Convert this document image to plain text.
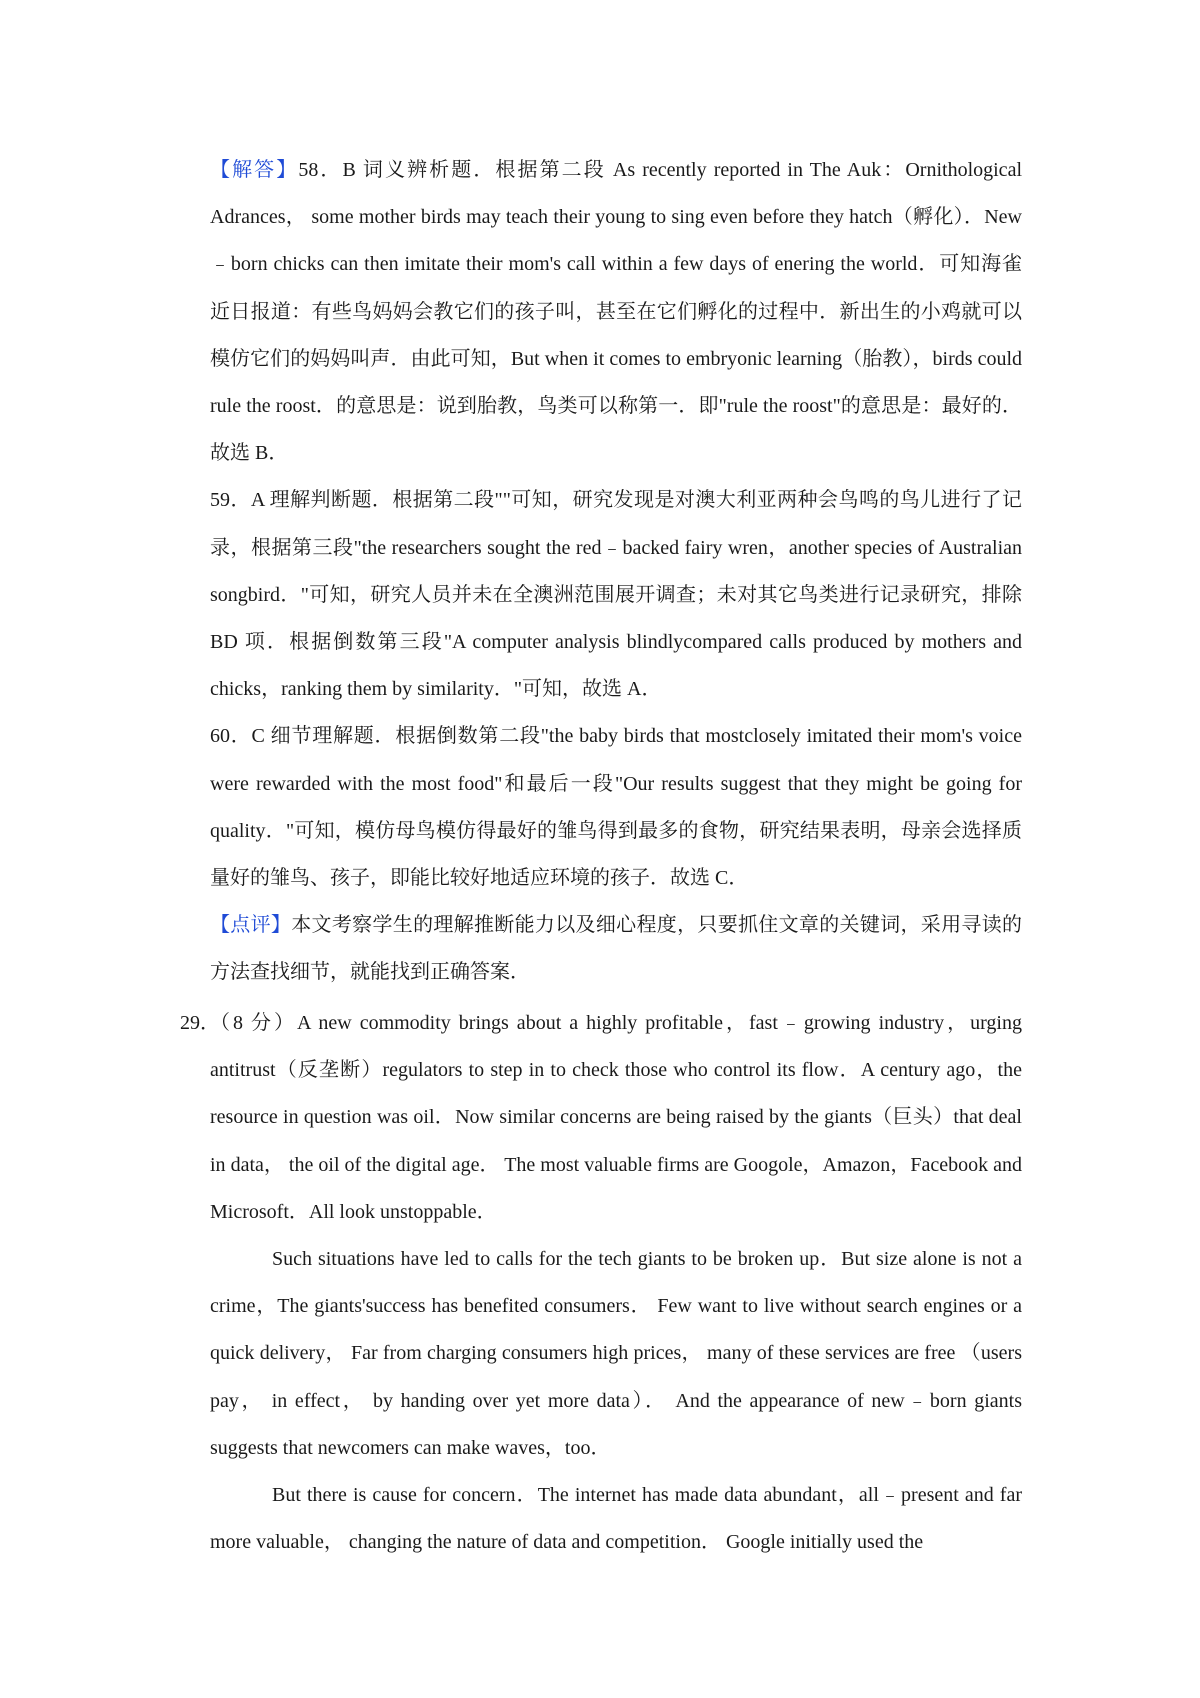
【解答】58．B 词义辨析题．根据第二段 As recently reported in The Auk：Ornithological Adrances， some mother birds may teach their young to sing even before they hatch（孵化）．New﹣born chicks can then imitate their mom's call within a few days of enering the world．可知海雀近日报道：有些鸟妈妈会教它们的孩子叫，甚至在它们孵化的过程中．新出生的小鸡就可以模仿它们的妈妈叫声．由此可知，But when it comes to embryonic learning（胎教），birds could rule the roost．的意思是：说到胎教，鸟类可以称第一．即"rule the roost"的意思是：最好的．故选 B．

59．A 理解判断题．根据第二段""可知，研究发现是对澳大利亚两种会鸟鸣的鸟儿进行了记录，根据第三段"the researchers sought the red﹣backed fairy wren，another species of Australian songbird．"可知，研究人员并未在全澳洲范围展开调查；未对其它鸟类进行记录研究，排除 BD 项．根据倒数第三段"A computer analysis blindlycompared calls produced by mothers and chicks，ranking them by similarity．"可知，故选 A．

60．C 细节理解题．根据倒数第二段"the baby birds that mostclosely imitated their mom's voice were rewarded with the most food"和最后一段"Our results suggest that they might be going for quality．"可知，模仿母鸟模仿得最好的雏鸟得到最多的食物，研究结果表明，母亲会选择质量好的雏鸟、孩子，即能比较好地适应环境的孩子．故选 C．

【点评】本文考察学生的理解推断能力以及细心程度，只要抓住文章的关键词，采用寻读的方法查找细节，就能找到正确答案．

29．

（8 分）A new commodity brings about a highly profitable，fast﹣growing industry，urging antitrust（反垄断）regulators to step in to check those who control its flow．A century ago，the resource in question was oil．Now similar concerns are being raised by the giants（巨头）that deal in data， the oil of the digital age． The most valuable firms are Googole，Amazon，Facebook and Microsoft．All look unstoppable．

Such situations have led to calls for the tech giants to be broken up．But size alone is not a crime，The giants'success has benefited consumers． Few want to live without search engines or a quick delivery， Far from charging consumers high prices， many of these services are free （users pay， in effect， by handing over yet more data）． And the appearance of new﹣born giants suggests that newcomers can make waves，too．

But there is cause for concern．The internet has made data abundant，all﹣present and far more valuable， changing the nature of data and competition． Google initially used the
